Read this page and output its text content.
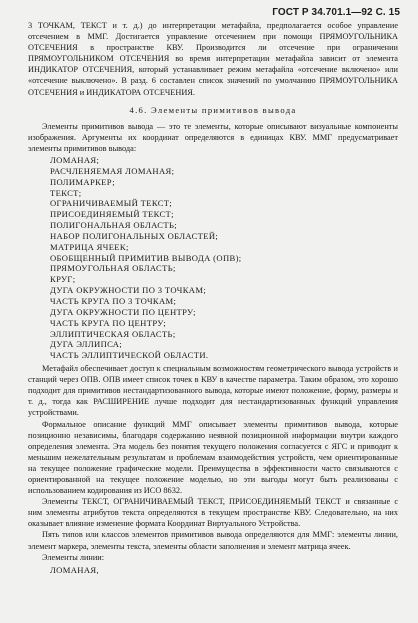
ГОСТ Р 34.701.1—92 С. 15

3 ТОЧКАМ, ТЕКСТ и т. д.) до интерпретации метафайла, предполагается особое управление отсечением в ММГ. Достигается управление отсечением при помощи ПРЯМОУГОЛЬНИКА ОТСЕЧЕНИЯ в пространстве КВУ. Производится ли отсечение при ограничении ПРЯМОУГОЛЬНИКОМ ОТСЕЧЕНИЯ во время интерпретации метафайла зависит от элемента ИНДИКАТОР ОТСЕЧЕНИЯ, который устанавливает режим метафайла «отсечение включено» или «отсечение выключено». В разд. 6 составлен список значений по умолчанию ПРЯМОУГОЛЬНИКА ОТСЕЧЕНИЯ и ИНДИКАТОРА ОТСЕЧЕНИЯ.

4.6. Элементы примитивов вывода

Элементы примитивов вывода — это те элементы, которые описывают визуальные компоненты изображения. Аргументы их координат определяются в единицах КВУ. ММГ предусматривает элементы примитивов вывода:

ЛОМАНАЯ;
РАСЧЛЕНЯЕМАЯ ЛОМАНАЯ;
ПОЛИМАРКЕР;
ТЕКСТ;
ОГРАНИЧИВАЕМЫЙ ТЕКСТ;
ПРИСОЕДИНЯЕМЫЙ ТЕКСТ;
ПОЛИГОНАЛЬНАЯ ОБЛАСТЬ;
НАБОР ПОЛИГОНАЛЬНЫХ ОБЛАСТЕЙ;
МАТРИЦА ЯЧЕЕК;
ОБОБЩЕННЫЙ ПРИМИТИВ ВЫВОДА (ОПВ);
ПРЯМОУГОЛЬНАЯ ОБЛАСТЬ;
КРУГ;
ДУГА ОКРУЖНОСТИ ПО 3 ТОЧКАМ;
ЧАСТЬ КРУГА ПО 3 ТОЧКАМ;
ДУГА ОКРУЖНОСТИ ПО ЦЕНТРУ;
ЧАСТЬ КРУГА ПО ЦЕНТРУ;
ЭЛЛИПТИЧЕСКАЯ ОБЛАСТЬ;
ДУГА ЭЛЛИПСА;
ЧАСТЬ ЭЛЛИПТИЧЕСКОЙ ОБЛАСТИ.

Метафайл обеспечивает доступ к специальным возможностям геометрического вывода устройств и станций через ОПВ. ОПВ имеет список точек в КВУ в качестве параметра. Таким образом, это хорошо подходит для примитивов нестандартизованного вывода, которые имеют положение, форму, размеры и т. д., тогда как РАСШИРЕНИЕ лучше подходит для нестандартизованных функций управления устройствами.

Формальное описание функций ММГ описывает элементы примитивов вывода, которые позиционно независимы, благодаря содержанию неявной позиционной информации внутри каждого определения элемента. Эта модель без понятия текущего положения согласуется с ЯГС и приводит к меньшим нежелательным результатам и проблемам взаимодействия устройств, чем ориентированные на текущее положение графические модели. Преимущества в эффективности часто связываются с ориентированной на текущее положение моделью, но эти выгоды могут быть реализованы с использованием кодирования из ИСО 8632.

Элементы ТЕКСТ, ОГРАНИЧИВАЕМЫЙ ТЕКСТ, ПРИСОЕДИНЯЕМЫЙ ТЕКСТ и связанные с ним элементы атрибутов текста определяются в текущем пространстве КВУ. Следовательно, на них оказывает влияние изменение формата Координат Виртуального Устройства.

Пять типов или классов элементов примитивов вывода определяются для ММГ: элементы линии, элемент маркера, элементы текста, элементы области заполнения и элемент матрица ячеек.

Элементы линии:

ЛОМАНАЯ,
